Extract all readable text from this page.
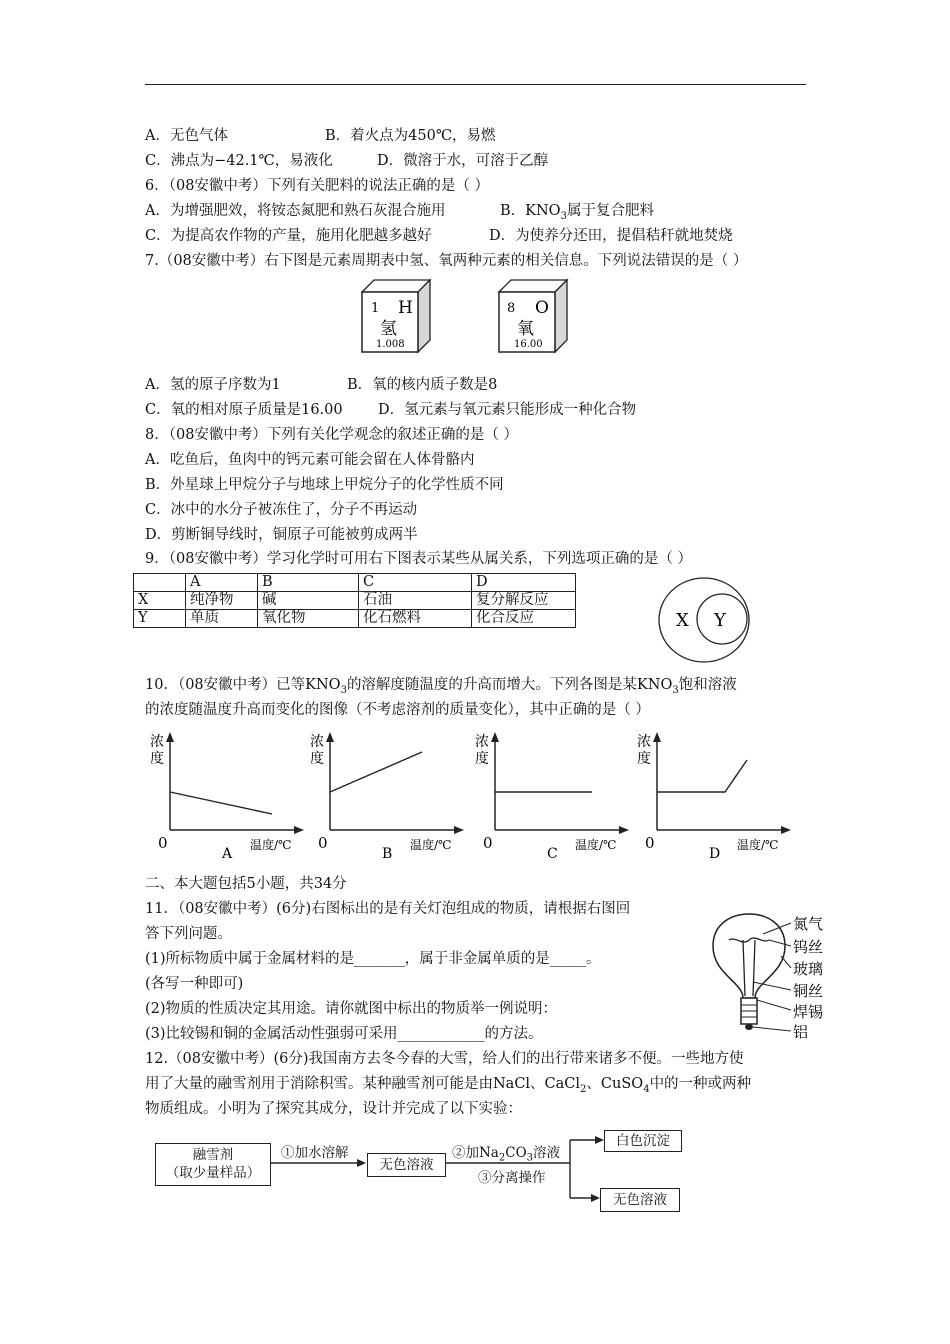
A．无色气体	B．着火点为450℃，易燃
C．沸点为−42.1℃，易液化	D．微溶于水，可溶于乙醇
6．（08安徽中考）下列有关肥料的说法正确的是（ ）
A．为增强肥效，将铵态氮肥和熟石灰混合施用	B．$KNO_3$属于复合肥料
C．为提高农作物的产量，施用化肥越多越好	D．为使养分还田，提倡秸秆就地焚烧
7.（08安徽中考）右下图是元素周期表中氢、氧两种元素的相关信息。下列说法错误的是（ ）
1 H
氢
1.008
8 O
氧
16.00
A．氢的原子序数为1	B．氧的核内质子数是8
C．氧的相对原子质量是16.00 D．氢元素与氧元素只能形成一种化合物
8．（08安徽中考）下列有关化学观念的叙述正确的是（ ）
A．吃鱼后，鱼肉中的钙元素可能会留在人体骨骼内
B．外星球上甲烷分子与地球上甲烷分子的化学性质不同
C．冰中的水分子被冻住了，分子不再运动
D．剪断铜导线时，铜原子可能被剪成两半
9．（08安徽中考）学习化学时可用右下图表示某些从属关系，下列选项正确的是（ ）
	A	B	C	D
X	纯净物	碱	石油	复分解反应
Y	单质	氧化物	化石燃料	化合反应	X Y
10．（08安徽中考）已等$KNO_3$的溶解度随温度的升高而增大。下列各图是某$KNO_3$饱和溶液
的浓度随温度升高而变化的图像（不考虑溶剂的质量变化），其中正确的是（ ）
浓
度
0	温度/℃
A
浓
度
0	温度/℃
B
浓
度
0	温度/℃
C
浓
度
0	温度/℃
D
二、本大题包括5小题，共34分
11．（08安徽中考）(6分)右图标出的是有关灯泡组成的物质，请根据右图回
答下列问题。
(1)所标物质中属于金属材料的是_______，属于非金属单质的是_____。
(各写一种即可)
(2)物质的性质决定其用途。请你就图中标出的物质举一例说明：
(3)比较锡和铜的金属活动性强弱可采用____________的方法。
氮气
钨丝
玻璃
铜丝
焊锡
铝
12.（08安徽中考）(6分)我国南方去冬今春的大雪，给人们的出行带来诸多不便。一些地方使
用了大量的融雪剂用于消除积雪。某种融雪剂可能是由NaCl、CaCl$_2$、CuSO$_4$中的一种或两种
物质组成。小明为了探究其成分，设计并完成了以下实验：
融雪剂
（取少量样品）	无色溶液
白色沉淀
无色溶液
①加水溶解	②加$Na_2CO_3$溶液
③分离操作
